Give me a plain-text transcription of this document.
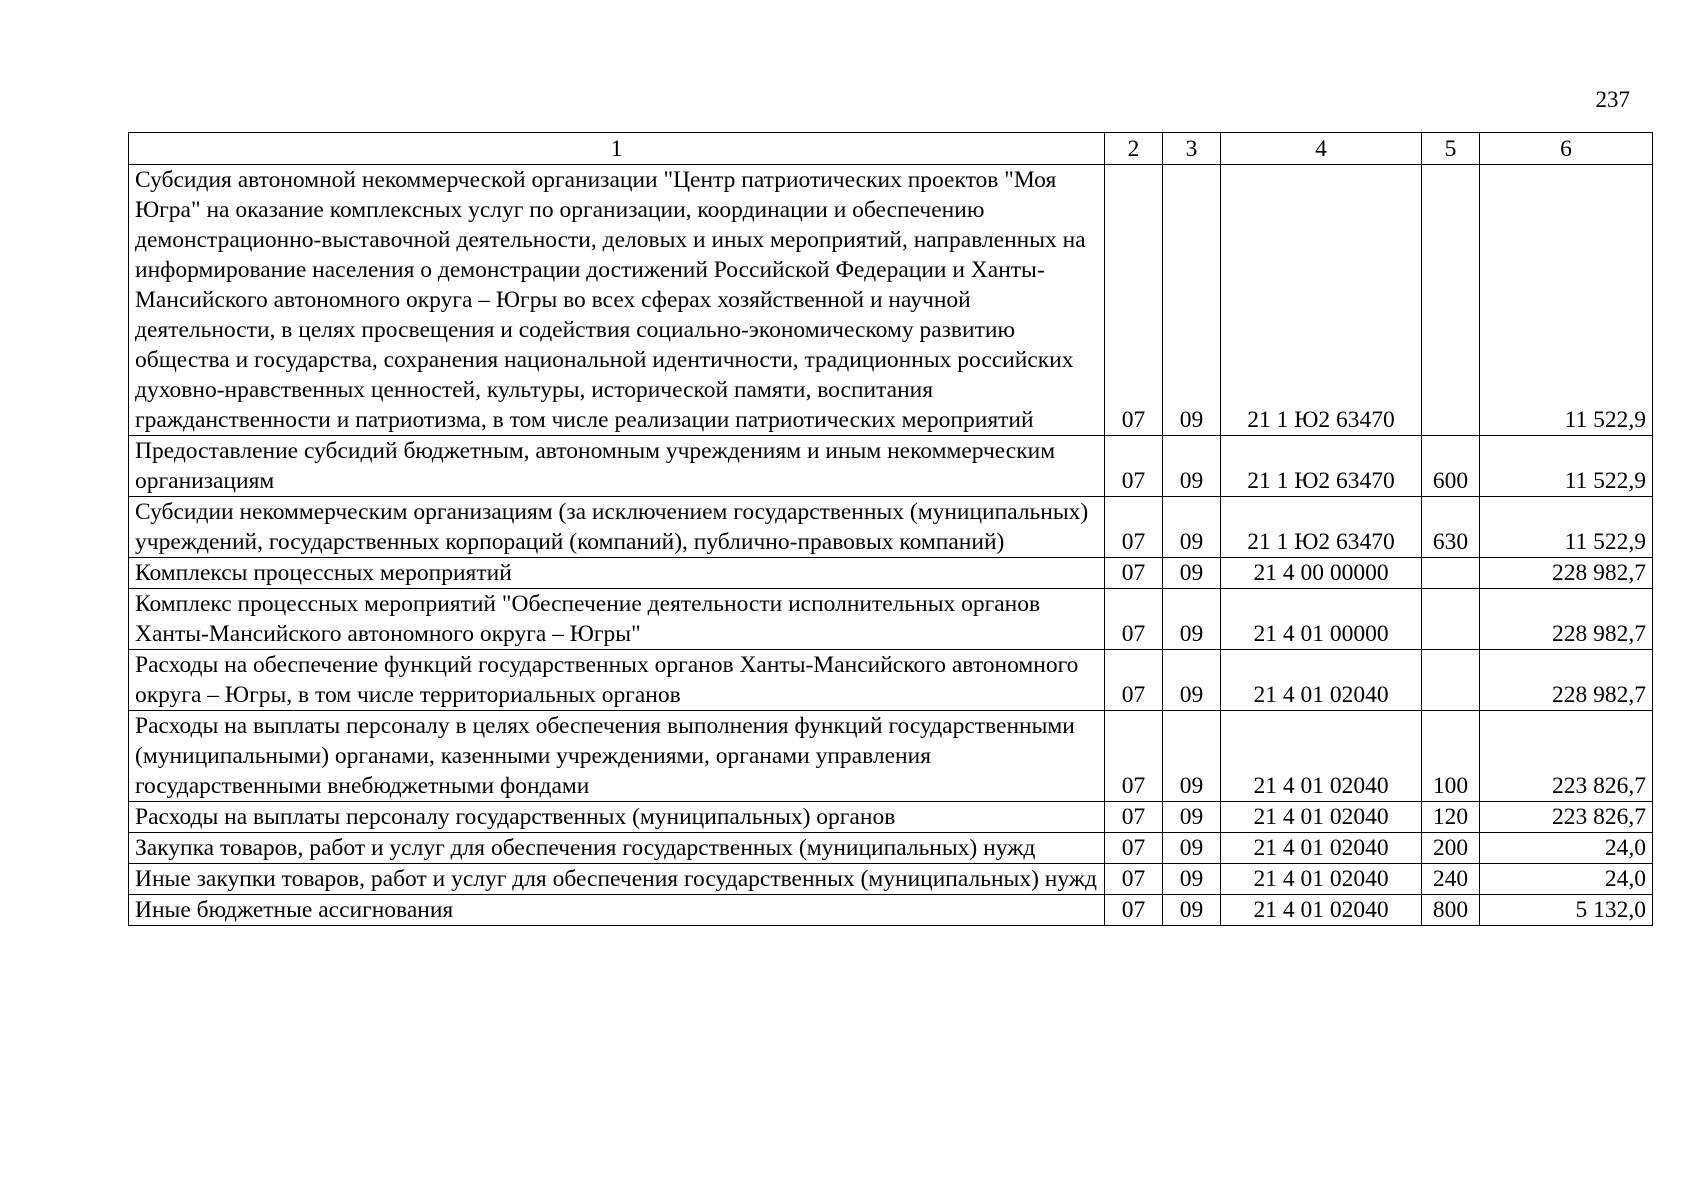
237
1	2	3	4	5	6
Субсидия автономной некоммерческой организации "Центр патриотических проектов "Моя Югра" на оказание комплексных услуг по организации, координации и обеспечению демонстрационно-выставочной деятельности, деловых и иных мероприятий, направленных на информирование населения о демонстрации достижений Российской Федерации и Ханты-Мансийского автономного округа – Югры во всех сферах хозяйственной и научной деятельности, в целях просвещения и содействия социально-экономическому развитию общества и государства, сохранения национальной идентичности, традиционных российских духовно-нравственных ценностей, культуры, исторической памяти, воспитания гражданственности и патриотизма, в том числе реализации патриотических мероприятий	07	09	21 1 Ю2 63470		11 522,9
Предоставление субсидий бюджетным, автономным учреждениям и иным некоммерческим организациям	07	09	21 1 Ю2 63470	600	11 522,9
Субсидии некоммерческим организациям (за исключением государственных (муниципальных) учреждений, государственных корпораций (компаний), публично-правовых компаний)	07	09	21 1 Ю2 63470	630	11 522,9
Комплексы процессных мероприятий	07	09	21 4 00 00000		228 982,7
Комплекс процессных мероприятий "Обеспечение деятельности исполнительных органов Ханты-Мансийского автономного округа – Югры"	07	09	21 4 01 00000		228 982,7
Расходы на обеспечение функций государственных органов Ханты-Мансийского автономного округа – Югры, в том числе территориальных органов	07	09	21 4 01 02040		228 982,7
Расходы на выплаты персоналу в целях обеспечения выполнения функций государственными (муниципальными) органами, казенными учреждениями, органами управления государственными внебюджетными фондами	07	09	21 4 01 02040	100	223 826,7
Расходы на выплаты персоналу государственных (муниципальных) органов	07	09	21 4 01 02040	120	223 826,7
Закупка товаров, работ и услуг для обеспечения государственных (муниципальных) нужд	07	09	21 4 01 02040	200	24,0
Иные закупки товаров, работ и услуг для обеспечения государственных (муниципальных) нужд	07	09	21 4 01 02040	240	24,0
Иные бюджетные ассигнования	07	09	21 4 01 02040	800	5 132,0
